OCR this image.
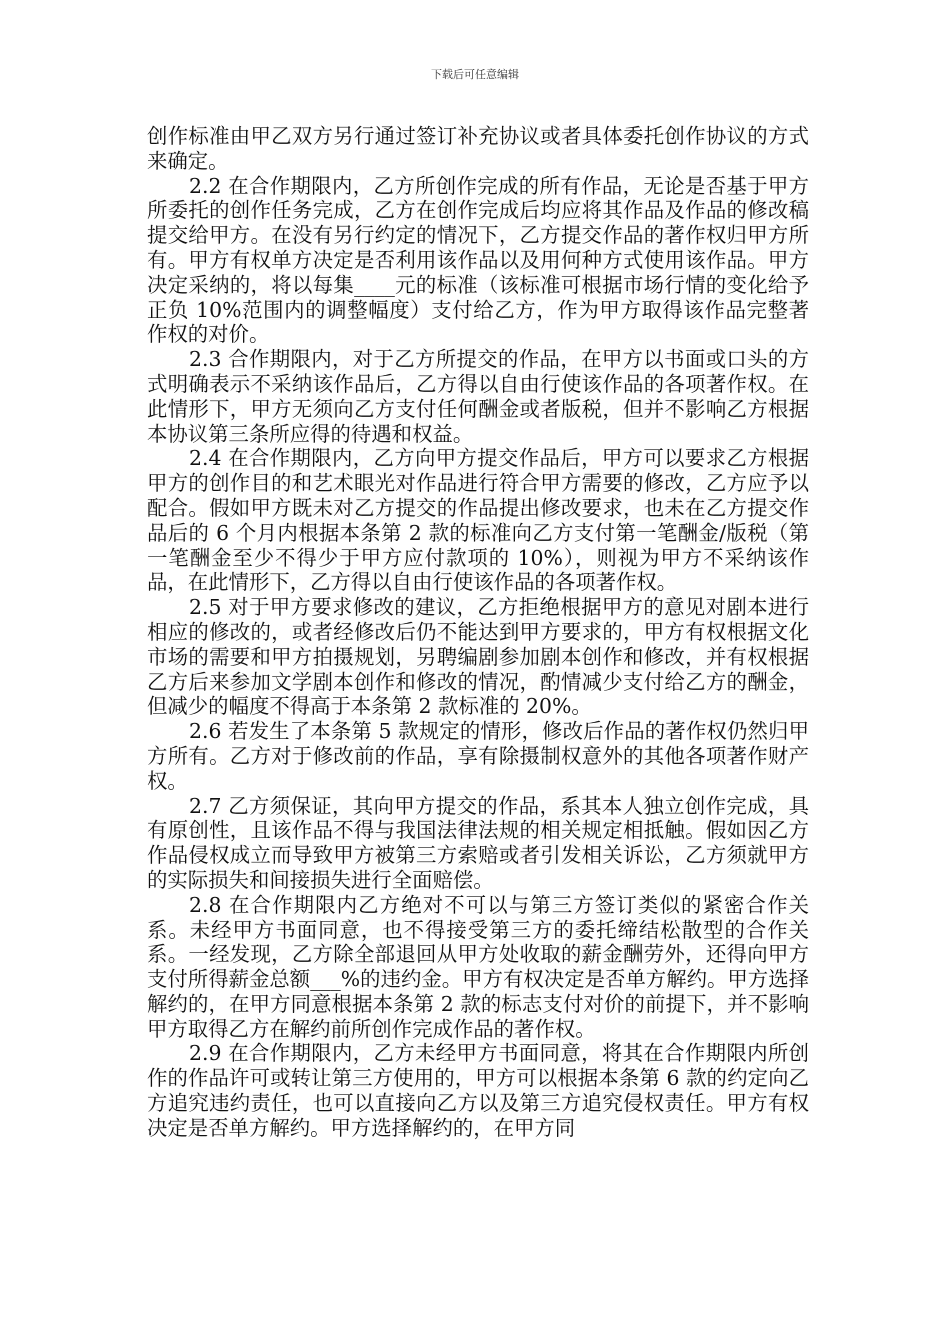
下载后可任意编辑

创作标准由甲乙双方另行通过签订补充协议或者具体委托创作协议的方式来确定。

2.2 在合作期限内，乙方所创作完成的所有作品，无论是否基于甲方所委托的创作任务完成，乙方在创作完成后均应将其作品及作品的修改稿提交给甲方。在没有另行约定的情况下，乙方提交作品的著作权归甲方所有。甲方有权单方决定是否利用该作品以及用何种方式使用该作品。甲方决定采纳的，将以每集____元的标准（该标准可根据市场行情的变化给予正负 10%范围内的调整幅度）支付给乙方，作为甲方取得该作品完整著作权的对价。

2.3 合作期限内，对于乙方所提交的作品，在甲方以书面或口头的方式明确表示不采纳该作品后，乙方得以自由行使该作品的各项著作权。在此情形下，甲方无须向乙方支付任何酬金或者版税，但并不影响乙方根据本协议第三条所应得的待遇和权益。

2.4 在合作期限内，乙方向甲方提交作品后，甲方可以要求乙方根据甲方的创作目的和艺术眼光对作品进行符合甲方需要的修改，乙方应予以配合。假如甲方既未对乙方提交的作品提出修改要求，也未在乙方提交作品后的 6 个月内根据本条第 2 款的标准向乙方支付第一笔酬金/版税（第一笔酬金至少不得少于甲方应付款项的 10%），则视为甲方不采纳该作品，在此情形下，乙方得以自由行使该作品的各项著作权。

2.5 对于甲方要求修改的建议，乙方拒绝根据甲方的意见对剧本进行相应的修改的，或者经修改后仍不能达到甲方要求的，甲方有权根据文化市场的需要和甲方拍摄规划，另聘编剧参加剧本创作和修改，并有权根据乙方后来参加文学剧本创作和修改的情况，酌情减少支付给乙方的酬金，但减少的幅度不得高于本条第 2 款标准的 20%。

2.6 若发生了本条第 5 款规定的情形，修改后作品的著作权仍然归甲方所有。乙方对于修改前的作品，享有除摄制权意外的其他各项著作财产权。

2.7 乙方须保证，其向甲方提交的作品，系其本人独立创作完成，具有原创性，且该作品不得与我国法律法规的相关规定相抵触。假如因乙方作品侵权成立而导致甲方被第三方索赔或者引发相关诉讼，乙方须就甲方的实际损失和间接损失进行全面赔偿。

2.8 在合作期限内乙方绝对不可以与第三方签订类似的紧密合作关系。未经甲方书面同意，也不得接受第三方的委托缔结松散型的合作关系。一经发现，乙方除全部退回从甲方处收取的薪金酬劳外，还得向甲方支付所得薪金总额___%的违约金。甲方有权决定是否单方解约。甲方选择解约的，在甲方同意根据本条第 2 款的标志支付对价的前提下，并不影响甲方取得乙方在解约前所创作完成作品的著作权。

2.9 在合作期限内，乙方未经甲方书面同意，将其在合作期限内所创作的作品许可或转让第三方使用的，甲方可以根据本条第 6 款的约定向乙方追究违约责任，也可以直接向乙方以及第三方追究侵权责任。甲方有权决定是否单方解约。甲方选择解约的，在甲方同
